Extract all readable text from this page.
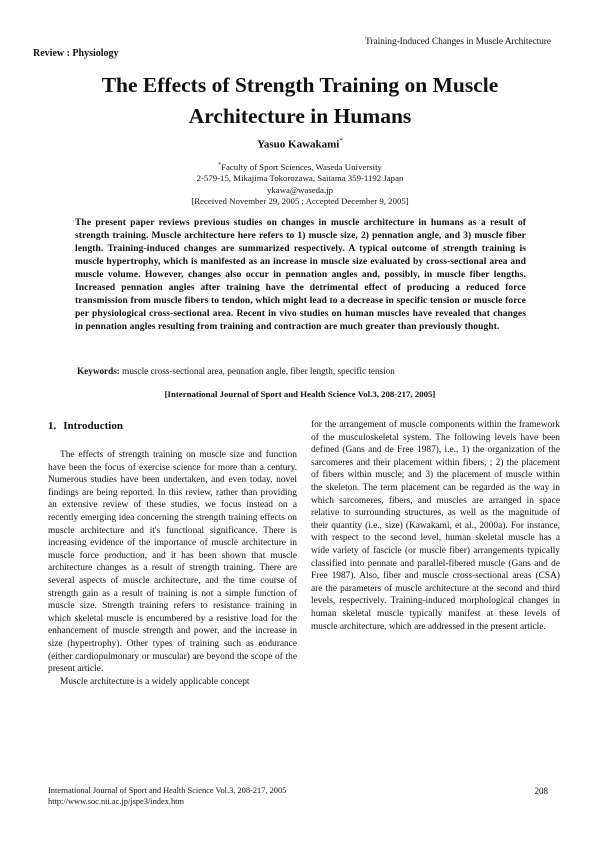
Training-Induced Changes in Muscle Architecture
Review : Physiology
The Effects of Strength Training on Muscle
Architecture in Humans
Yasuo Kawakami*
*Faculty of Sport Sciences, Waseda University
2-579-15, Mikajima Tokorozawa, Saitama 359-1192 Japan
ykawa@waseda.jp
[Received November 29, 2005 ; Accepted December 9, 2005]
The present paper reviews previous studies on changes in muscle architecture in humans as a result of strength training. Muscle architecture here refers to 1) muscle size, 2) pennation angle, and 3) muscle fiber length. Training-induced changes are summarized respectively. A typical outcome of strength training is muscle hypertrophy, which is manifested as an increase in muscle size evaluated by cross-sectional area and muscle volume. However, changes also occur in pennation angles and, possibly, in muscle fiber lengths. Increased pennation angles after training have the detrimental effect of producing a reduced force transmission from muscle fibers to tendon, which might lead to a decrease in specific tension or muscle force per physiological cross-sectional area. Recent in vivo studies on human muscles have revealed that changes in pennation angles resulting from training and contraction are much greater than previously thought.
Keywords: muscle cross-sectional area, pennation angle, fiber length, specific tension
[International Journal of Sport and Health Science Vol.3, 208-217, 2005]
1. Introduction

The effects of strength training on muscle size and function have been the focus of exercise science for more than a century. Numerous studies have been undertaken, and even today, novel findings are being reported. In this review, rather than providing an extensive review of these studies, we focus instead on a recently emerging idea concerning the strength training effects on muscle architecture and it's functional significance. There is increasing evidence of the importance of muscle architecture in muscle force production, and it has been shown that muscle architecture changes as a result of strength training. There are several aspects of muscle architecture, and the time course of strength gain as a result of training is not a simple function of muscle size. Strength training refers to resistance training in which skeletal muscle is encumbered by a resistive load for the enhancement of muscle strength and power, and the increase in size (hypertrophy). Other types of training such as endurance (either cardiopulmonary or muscular) are beyond the scope of the present article.

Muscle architecture is a widely applicable concept

for the arrangement of muscle components within the framework of the musculoskeletal system. The following levels have been defined (Gans and de Free 1987), i.e., 1) the organization of the sarcomeres and their placement within fibers, ; 2) the placement of fibers within muscle; and 3) the placement of muscle within the skeleton. The term placement can be regarded as the way in which sarcomeres, fibers, and muscles are arranged in space relative to surrounding structures, as well as the magnitude of their quantity (i.e., size) (Kawakami, et al., 2000a). For instance, with respect to the second level, human skeletal muscle has a wide variety of fascicle (or muscle fiber) arrangements typically classified into pennate and parallel-fibered muscle (Gans and de Free 1987). Also, fiber and muscle cross-sectional areas (CSA) are the parameters of muscle architecture at the second and third levels, respectively. Training-induced morphological changes in human skeletal muscle typically manifest at these levels of muscle architecture, which are addressed in the present article.

International Journal of Sport and Health Science Vol.3, 208-217, 2005
http://www.soc.nii.ac.jp/jspe3/index.htm
208
